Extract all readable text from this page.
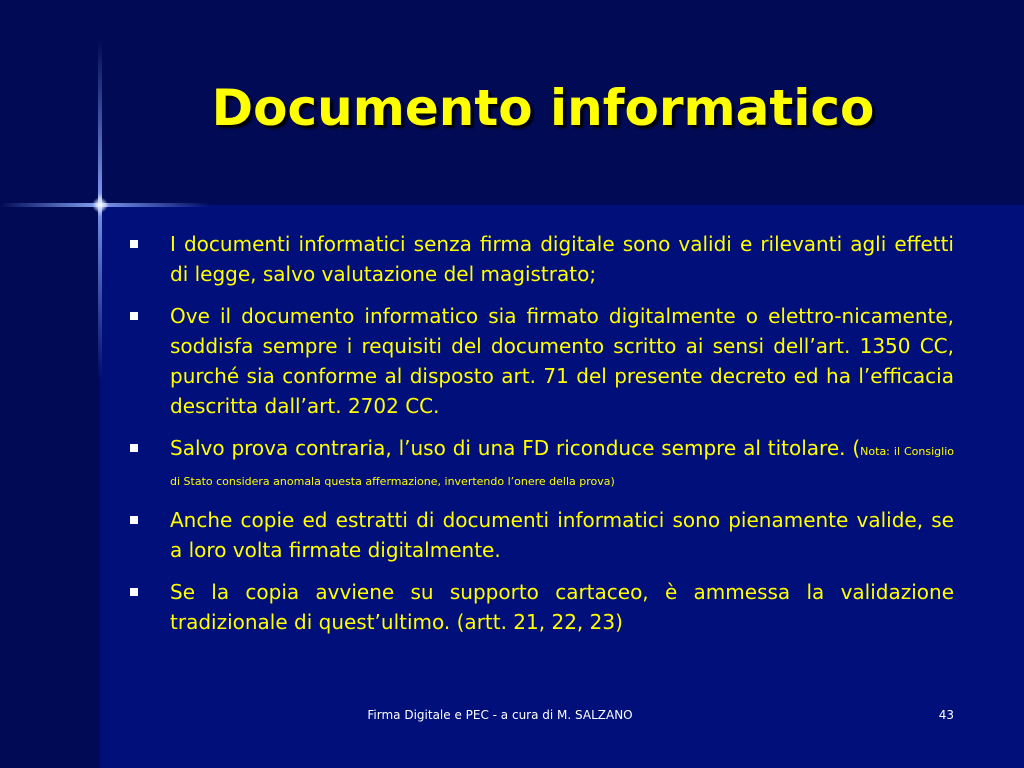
Documento informatico
I documenti informatici senza firma digitale sono validi e rilevanti agli effetti di legge, salvo valutazione del magistrato;
Ove il documento informatico sia firmato digitalmente o elettro-nicamente, soddisfa sempre i requisiti del documento scritto ai sensi dell’art. 1350 CC, purché sia conforme al disposto art. 71 del presente decreto ed ha l’efficacia descritta dall’art. 2702 CC.
Salvo prova contraria, l’uso di una FD riconduce sempre al titolare. (Nota: il Consiglio di Stato considera anomala questa affermazione, invertendo l’onere della prova)
Anche copie ed estratti di documenti informatici sono pienamente valide, se a loro volta firmate digitalmente.
Se la copia avviene su supporto cartaceo, è ammessa la validazione tradizionale di quest’ultimo. (artt. 21, 22, 23)
Firma Digitale e PEC - a cura di M. SALZANO	43
